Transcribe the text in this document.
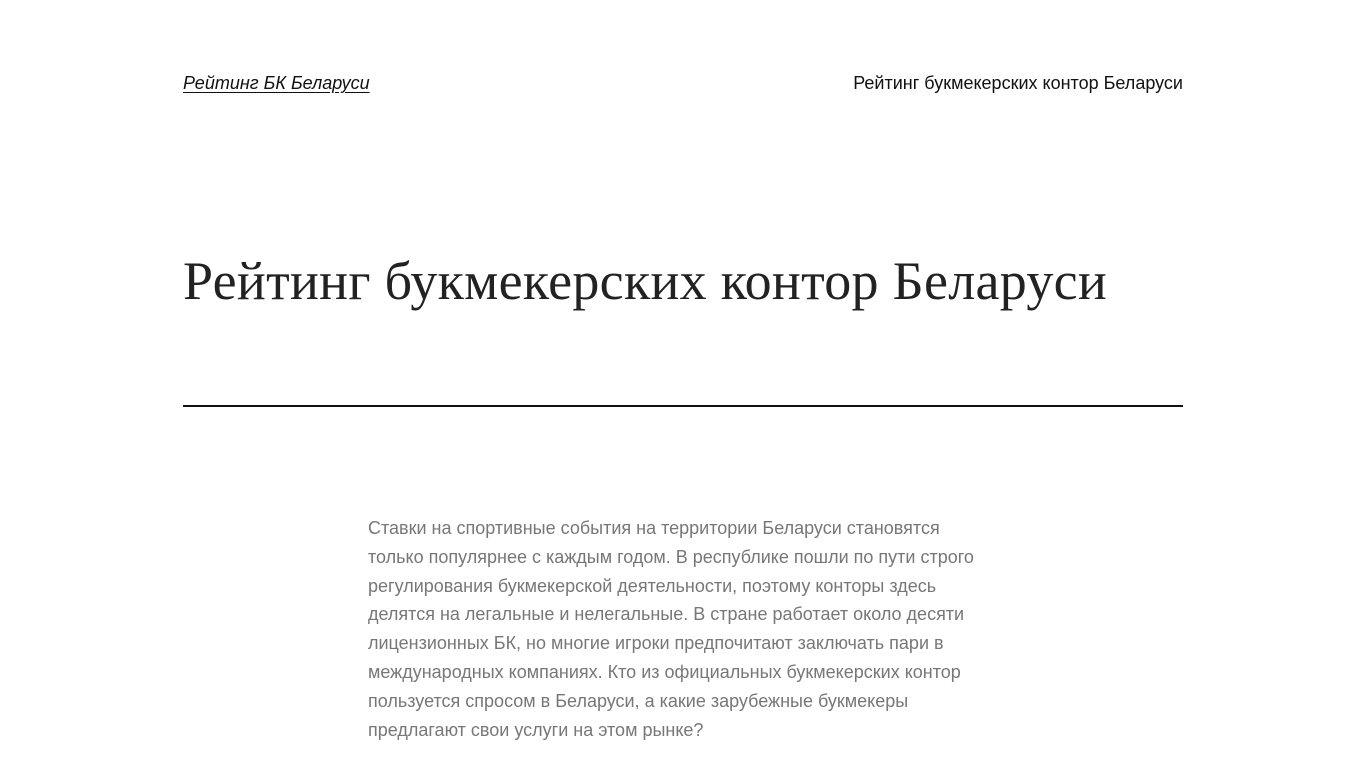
Рейтинг БК Беларуси	Рейтинг букмекерских контор Беларуси
Рейтинг букмекерских контор Беларуси

Ставки на спортивные события на территории Беларуси становятся только популярнее с каждым годом. В республике пошли по пути строго регулирования букмекерской деятельности, поэтому конторы здесь делятся на легальные и нелегальные. В стране работает около десяти лицензионных БК, но многие игроки предпочитают заключать пари в международных компаниях. Кто из официальных букмекерских контор пользуется спросом в Беларуси, а какие зарубежные букмекеры предлагают свои услуги на этом рынке?
